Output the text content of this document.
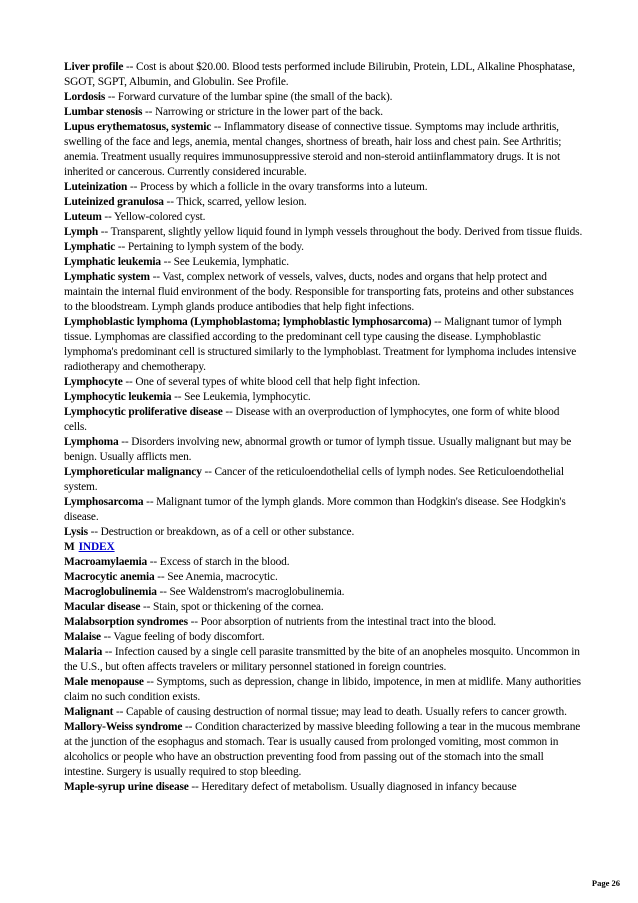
Liver profile -- Cost is about $20.00. Blood tests performed include Bilirubin, Protein, LDL, Alkaline Phosphatase, SGOT, SGPT, Albumin, and Globulin. See Profile.

Lordosis -- Forward curvature of the lumbar spine (the small of the back).

Lumbar stenosis -- Narrowing or stricture in the lower part of the back.

Lupus erythematosus, systemic -- Inflammatory disease of connective tissue. Symptoms may include arthritis, swelling of the face and legs, anemia, mental changes, shortness of breath, hair loss and chest pain. See Arthritis; anemia. Treatment usually requires immunosuppressive steroid and non-steroid antiinflammatory drugs. It is not inherited or cancerous. Currently considered incurable.

Luteinization -- Process by which a follicle in the ovary transforms into a luteum.

Luteinized granulosa -- Thick, scarred, yellow lesion.

Luteum -- Yellow-colored cyst.

Lymph -- Transparent, slightly yellow liquid found in lymph vessels throughout the body. Derived from tissue fluids.

Lymphatic -- Pertaining to lymph system of the body.

Lymphatic leukemia -- See Leukemia, lymphatic.

Lymphatic system -- Vast, complex network of vessels, valves, ducts, nodes and organs that help protect and maintain the internal fluid environment of the body. Responsible for transporting fats, proteins and other substances to the bloodstream. Lymph glands produce antibodies that help fight infections.

Lymphoblastic lymphoma (Lymphoblastoma; lymphoblastic lymphosarcoma) -- Malignant tumor of lymph tissue. Lymphomas are classified according to the predominant cell type causing the disease. Lymphoblastic lymphoma's predominant cell is structured similarly to the lymphoblast. Treatment for lymphoma includes intensive radiotherapy and chemotherapy.

Lymphocyte -- One of several types of white blood cell that help fight infection.

Lymphocytic leukemia -- See Leukemia, lymphocytic.

Lymphocytic proliferative disease -- Disease with an overproduction of lymphocytes, one form of white blood cells.

Lymphoma -- Disorders involving new, abnormal growth or tumor of lymph tissue. Usually malignant but may be benign. Usually afflicts men.

Lymphoreticular malignancy -- Cancer of the reticuloendothelial cells of lymph nodes. See Reticuloendothelial system.

Lymphosarcoma -- Malignant tumor of the lymph glands. More common than Hodgkin's disease. See Hodgkin's disease.

Lysis -- Destruction or breakdown, as of a cell or other substance.

M INDEX

Macroamylaemia -- Excess of starch in the blood.

Macrocytic anemia -- See Anemia, macrocytic.

Macroglobulinemia -- See Waldenstrom's macroglobulinemia.

Macular disease -- Stain, spot or thickening of the cornea.

Malabsorption syndromes -- Poor absorption of nutrients from the intestinal tract into the blood.

Malaise -- Vague feeling of body discomfort.

Malaria -- Infection caused by a single cell parasite transmitted by the bite of an anopheles mosquito. Uncommon in the U.S., but often affects travelers or military personnel stationed in foreign countries.

Male menopause -- Symptoms, such as depression, change in libido, impotence, in men at midlife. Many authorities claim no such condition exists.

Malignant -- Capable of causing destruction of normal tissue; may lead to death. Usually refers to cancer growth.

Mallory-Weiss syndrome -- Condition characterized by massive bleeding following a tear in the mucous membrane at the junction of the esophagus and stomach. Tear is usually caused from prolonged vomiting, most common in alcoholics or people who have an obstruction preventing food from passing out of the stomach into the small intestine. Surgery is usually required to stop bleeding.

Maple-syrup urine disease -- Hereditary defect of metabolism. Usually diagnosed in infancy because

Page 26
